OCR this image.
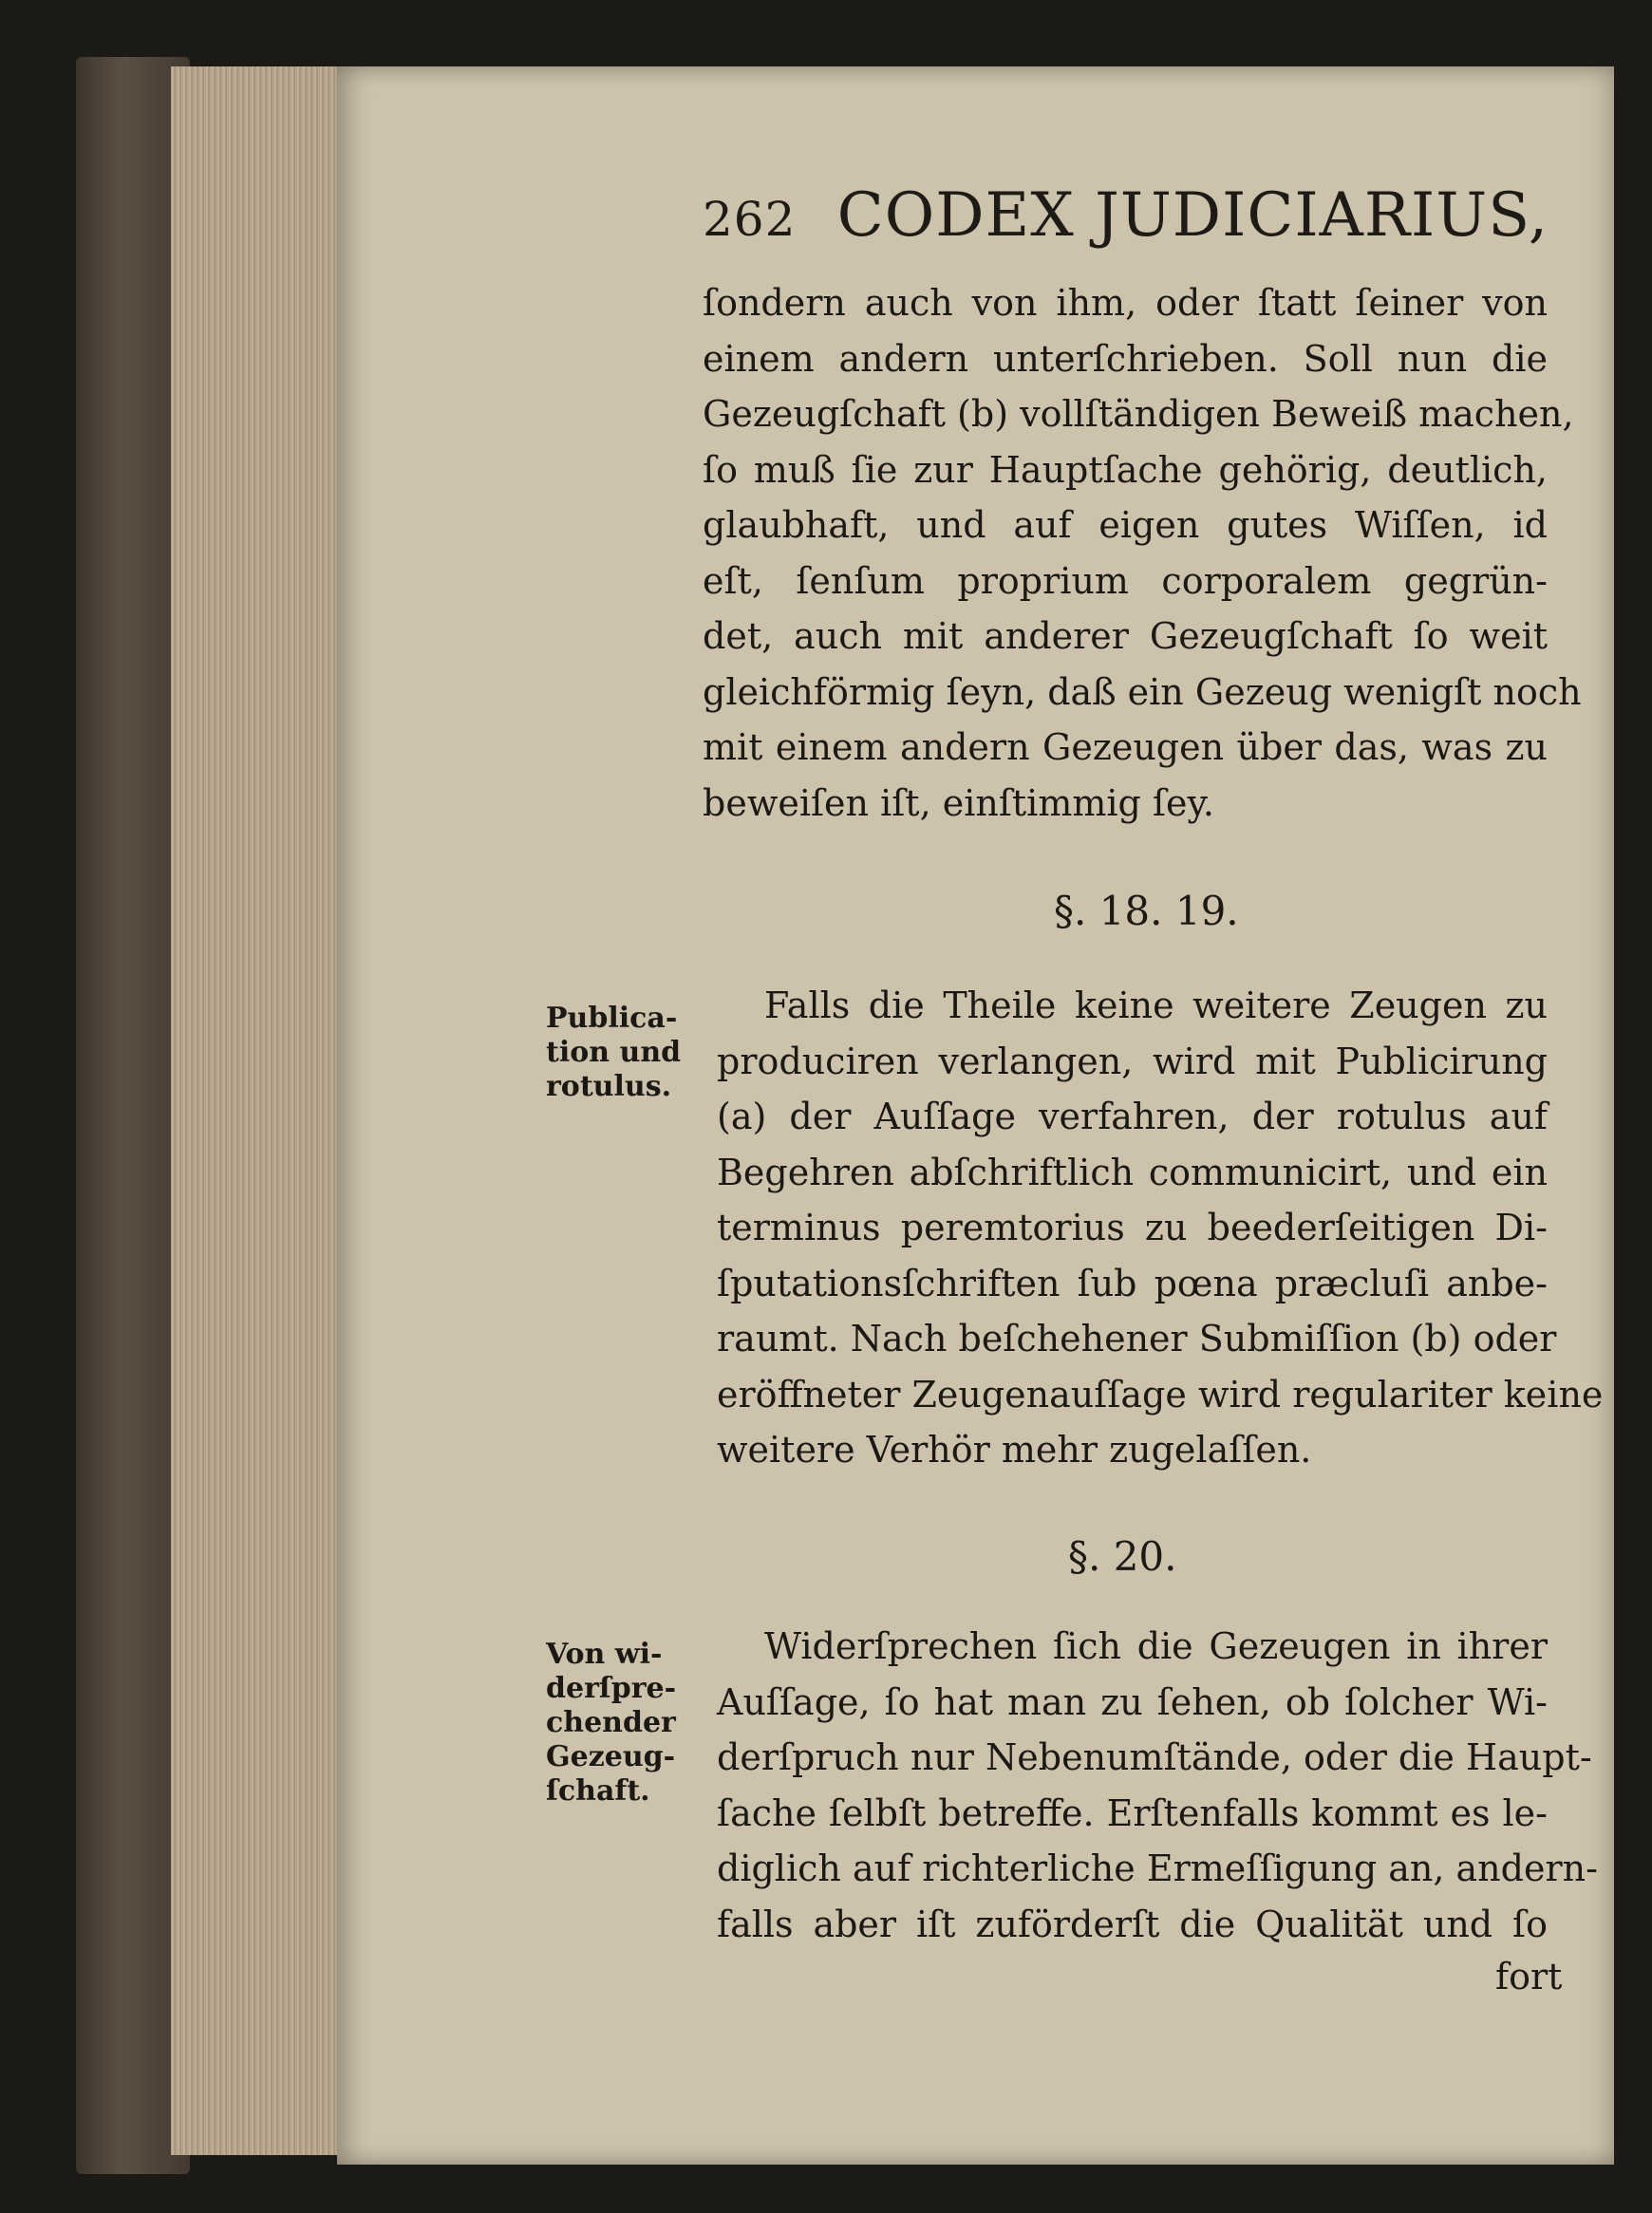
262 CODEX JUDICIARIUS,
ſondern auch von ihm, oder ſtatt ſeiner von
einem andern unterſchrieben. Soll nun die
Gezeugſchaft (b) vollſtändigen Beweiß machen,
ſo muß ſie zur Hauptſache gehörig, deutlich,
glaubhaft, und auf eigen gutes Wiſſen, id
eſt, ſenſum proprium corporalem gegrün-
det, auch mit anderer Gezeugſchaft ſo weit
gleichförmig ſeyn, daß ein Gezeug wenigſt noch
mit einem andern Gezeugen über das, was zu
beweiſen iſt, einſtimmig ſey.
§. 18. 19.
Publica-
tion und
rotulus.
Falls die Theile keine weitere Zeugen zu
produciren verlangen, wird mit Publicirung
(a) der Auſſage verfahren, der rotulus auf
Begehren abſchriftlich communicirt, und ein
terminus peremtorius zu beederſeitigen Di-
ſputationsſchriften ſub pœna præcluſi anbe-
raumt. Nach beſchehener Submiſſion (b) oder
eröffneter Zeugenauſſage wird regulariter keine
weitere Verhör mehr zugelaſſen.
§. 20.
Von wi-
derſpre-
chender
Gezeug-
ſchaft.
Widerſprechen ſich die Gezeugen in ihrer
Auſſage, ſo hat man zu ſehen, ob ſolcher Wi-
derſpruch nur Nebenumſtände, oder die Haupt-
ſache ſelbſt betreffe. Erſtenfalls kommt es le-
diglich auf richterliche Ermeſſigung an, andern-
falls aber iſt zuförderſt die Qualität und ſo
fort
